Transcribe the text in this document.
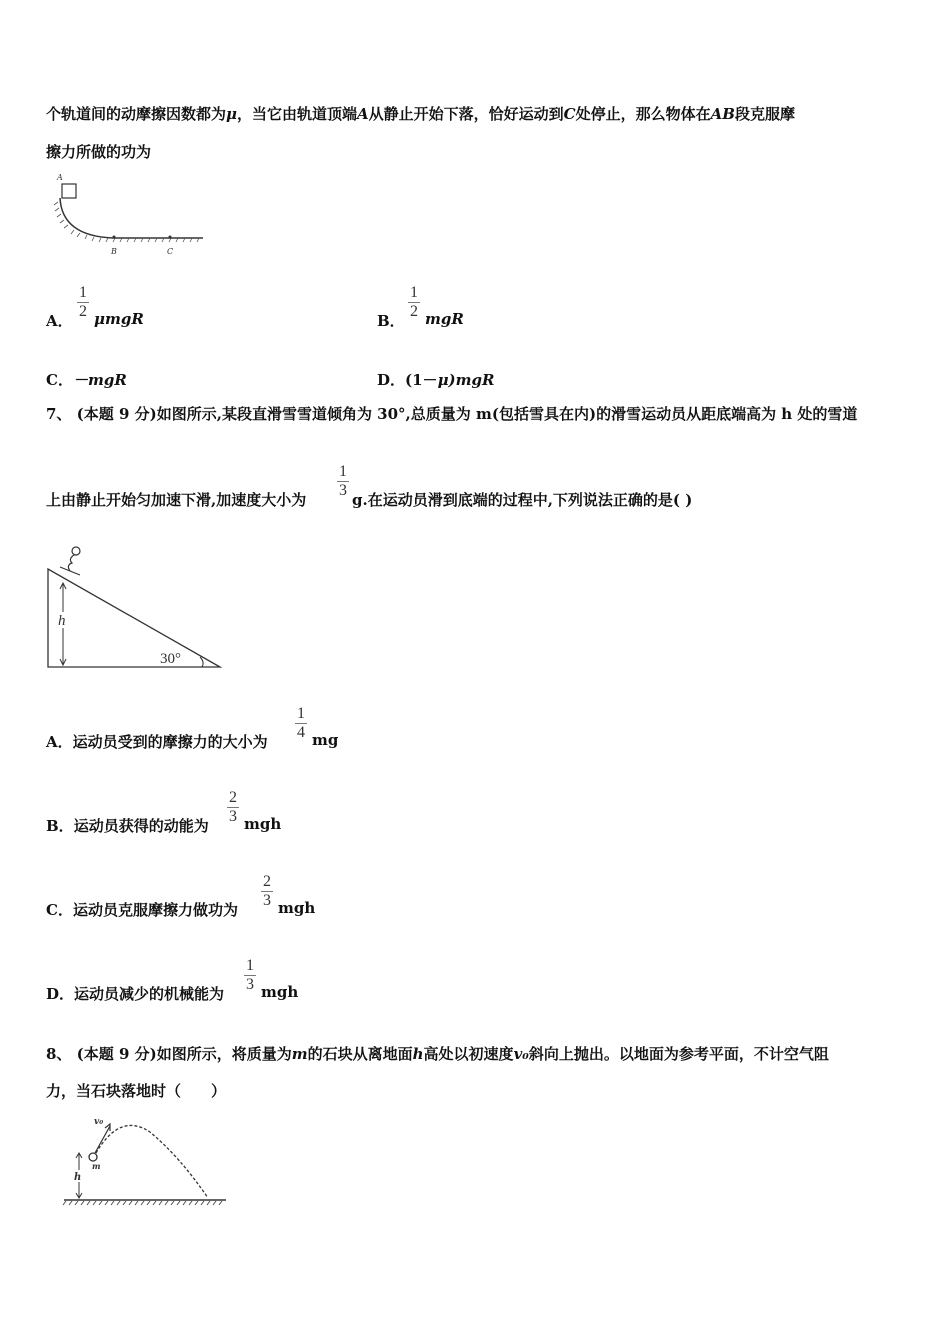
个轨道间的动摩擦因数都为μ，当它由轨道顶端A从静止开始下落，恰好运动到C处停止，那么物体在AB段克服摩
擦力所做的功为
A
B	C
A．
1
2 μmgR	B．
1
2 mgR
C．－mgR	D．(1－μ)mgR
7、 (本题 9 分)如图所示,某段直滑雪雪道倾角为 30°,总质量为 m(包括雪具在内)的滑雪运动员从距底端高为 h 处的雪道
上由静止开始匀加速下滑,加速度大小为
1
3
g.在运动员滑到底端的过程中,下列说法正确的是( )
h
30°
A．运动员受到的摩擦力的大小为
1
4 mg
B．运动员获得的动能为
2
3 mgh
C．运动员克服摩擦力做功为
2
3 mgh
D．运动员减少的机械能为
1
3 mgh
8、 (本题 9 分)如图所示，将质量为m的石块从离地面h高处以初速度v₀斜向上抛出。以地面为参考平面，不计空气阻
力，当石块落地时（　　）
v₀
m
h
